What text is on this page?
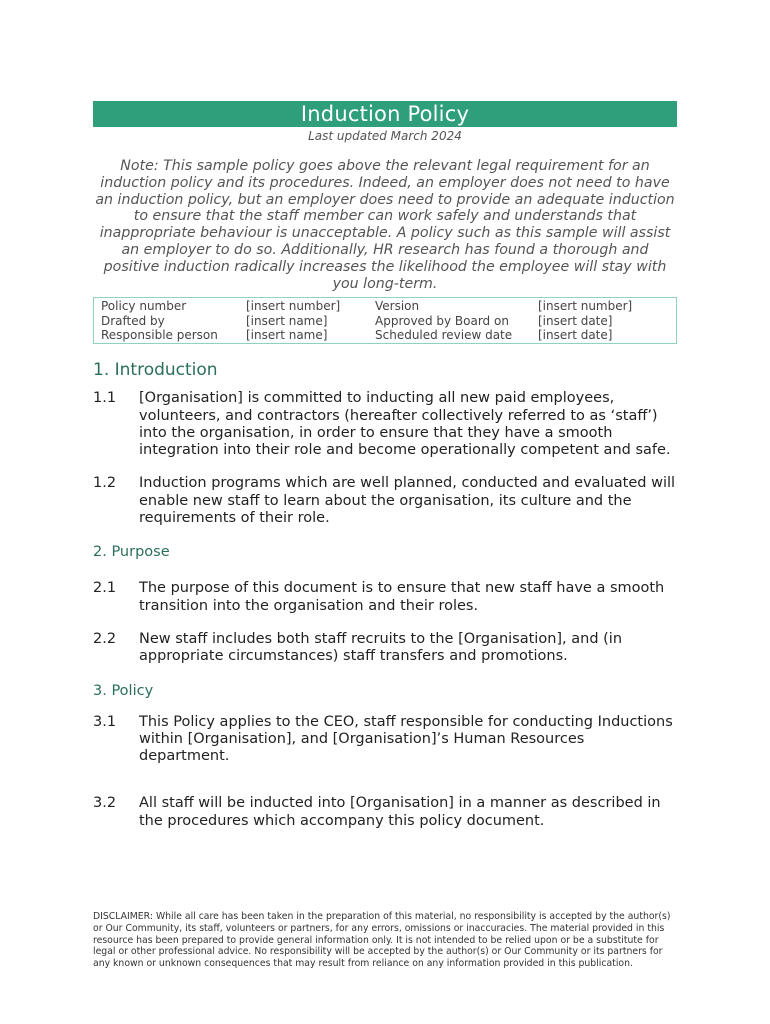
Induction Policy
Last updated March 2024
Note: This sample policy goes above the relevant legal requirement for an induction policy and its procedures. Indeed, an employer does not need to have an induction policy, but an employer does need to provide an adequate induction to ensure that the staff member can work safely and understands that inappropriate behaviour is unacceptable. A policy such as this sample will assist an employer to do so. Additionally, HR research has found a thorough and positive induction radically increases the likelihood the employee will stay with you long-term.
Policy number	[insert number]	Version	[insert number]
Drafted by	[insert name]	Approved by Board on	[insert date]
Responsible person	[insert name]	Scheduled review date	[insert date]
1. Introduction
1.1	[Organisation] is committed to inducting all new paid employees, volunteers, and contractors (hereafter collectively referred to as ‘staff’) into the organisation, in order to ensure that they have a smooth integration into their role and become operationally competent and safe.
1.2	Induction programs which are well planned, conducted and evaluated will enable new staff to learn about the organisation, its culture and the requirements of their role.
2. Purpose
2.1	The purpose of this document is to ensure that new staff have a smooth transition into the organisation and their roles.
2.2	New staff includes both staff recruits to the [Organisation], and (in appropriate circumstances) staff transfers and promotions.
3. Policy
3.1	This Policy applies to the CEO, staff responsible for conducting Inductions within [Organisation], and [Organisation]’s Human Resources department.
3.2	All staff will be inducted into [Organisation] in a manner as described in the procedures which accompany this policy document.
DISCLAIMER: While all care has been taken in the preparation of this material, no responsibility is accepted by the author(s) or Our Community, its staff, volunteers or partners, for any errors, omissions or inaccuracies. The material provided in this resource has been prepared to provide general information only. It is not intended to be relied upon or be a substitute for legal or other professional advice. No responsibility will be accepted by the author(s) or Our Community or its partners for any known or unknown consequences that may result from reliance on any information provided in this publication.
